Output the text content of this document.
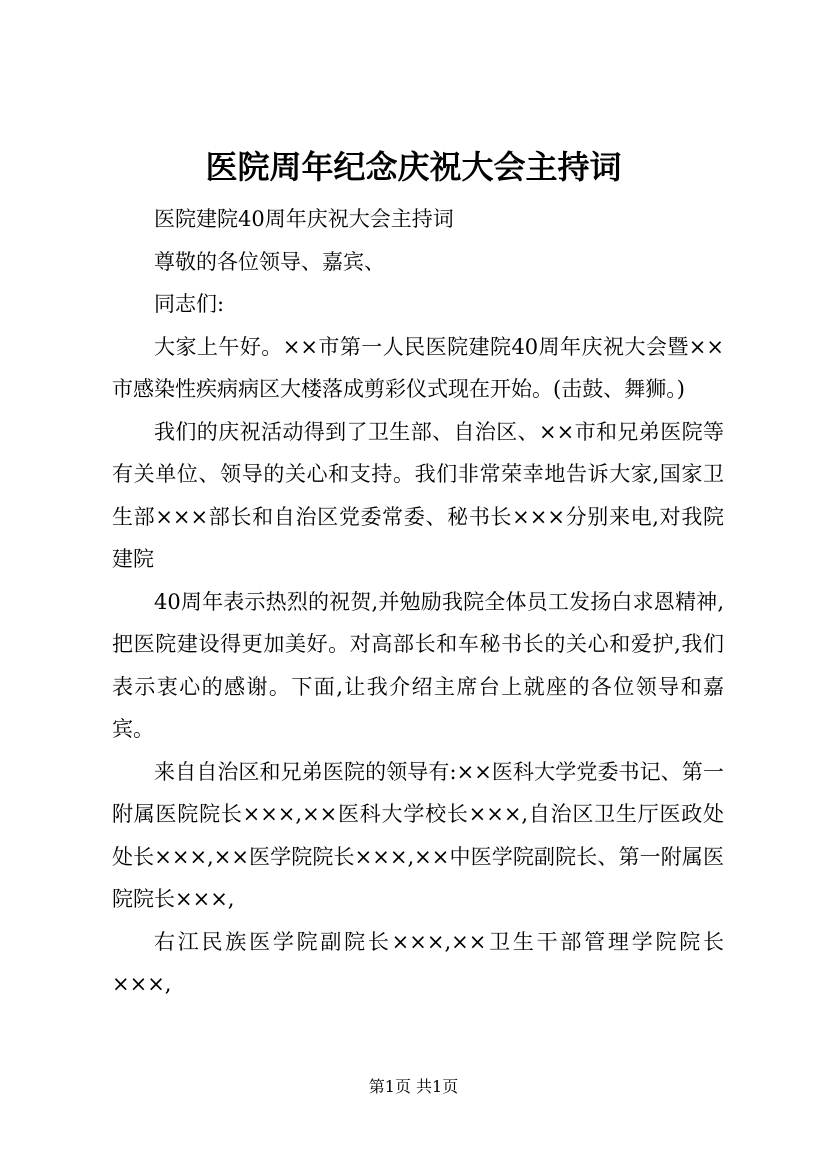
医院周年纪念庆祝大会主持词

医院建院40周年庆祝大会主持词

尊敬的各位领导、嘉宾、

同志们:

大家上午好。××市第一人民医院建院40周年庆祝大会暨××市感染性疾病病区大楼落成剪彩仪式现在开始。(击鼓、舞狮。)

我们的庆祝活动得到了卫生部、自治区、××市和兄弟医院等有关单位、领导的关心和支持。我们非常荣幸地告诉大家,国家卫生部×××部长和自治区党委常委、秘书长×××分别来电,对我院建院

40周年表示热烈的祝贺,并勉励我院全体员工发扬白求恩精神,把医院建设得更加美好。对高部长和车秘书长的关心和爱护,我们表示衷心的感谢。下面,让我介绍主席台上就座的各位领导和嘉宾。

来自自治区和兄弟医院的领导有:××医科大学党委书记、第一附属医院院长×××,××医科大学校长×××,自治区卫生厅医政处处长×××,××医学院院长×××,××中医学院副院长、第一附属医院院长×××,

右江民族医学院副院长×××,××卫生干部管理学院院长×××,

第1页 共1页
